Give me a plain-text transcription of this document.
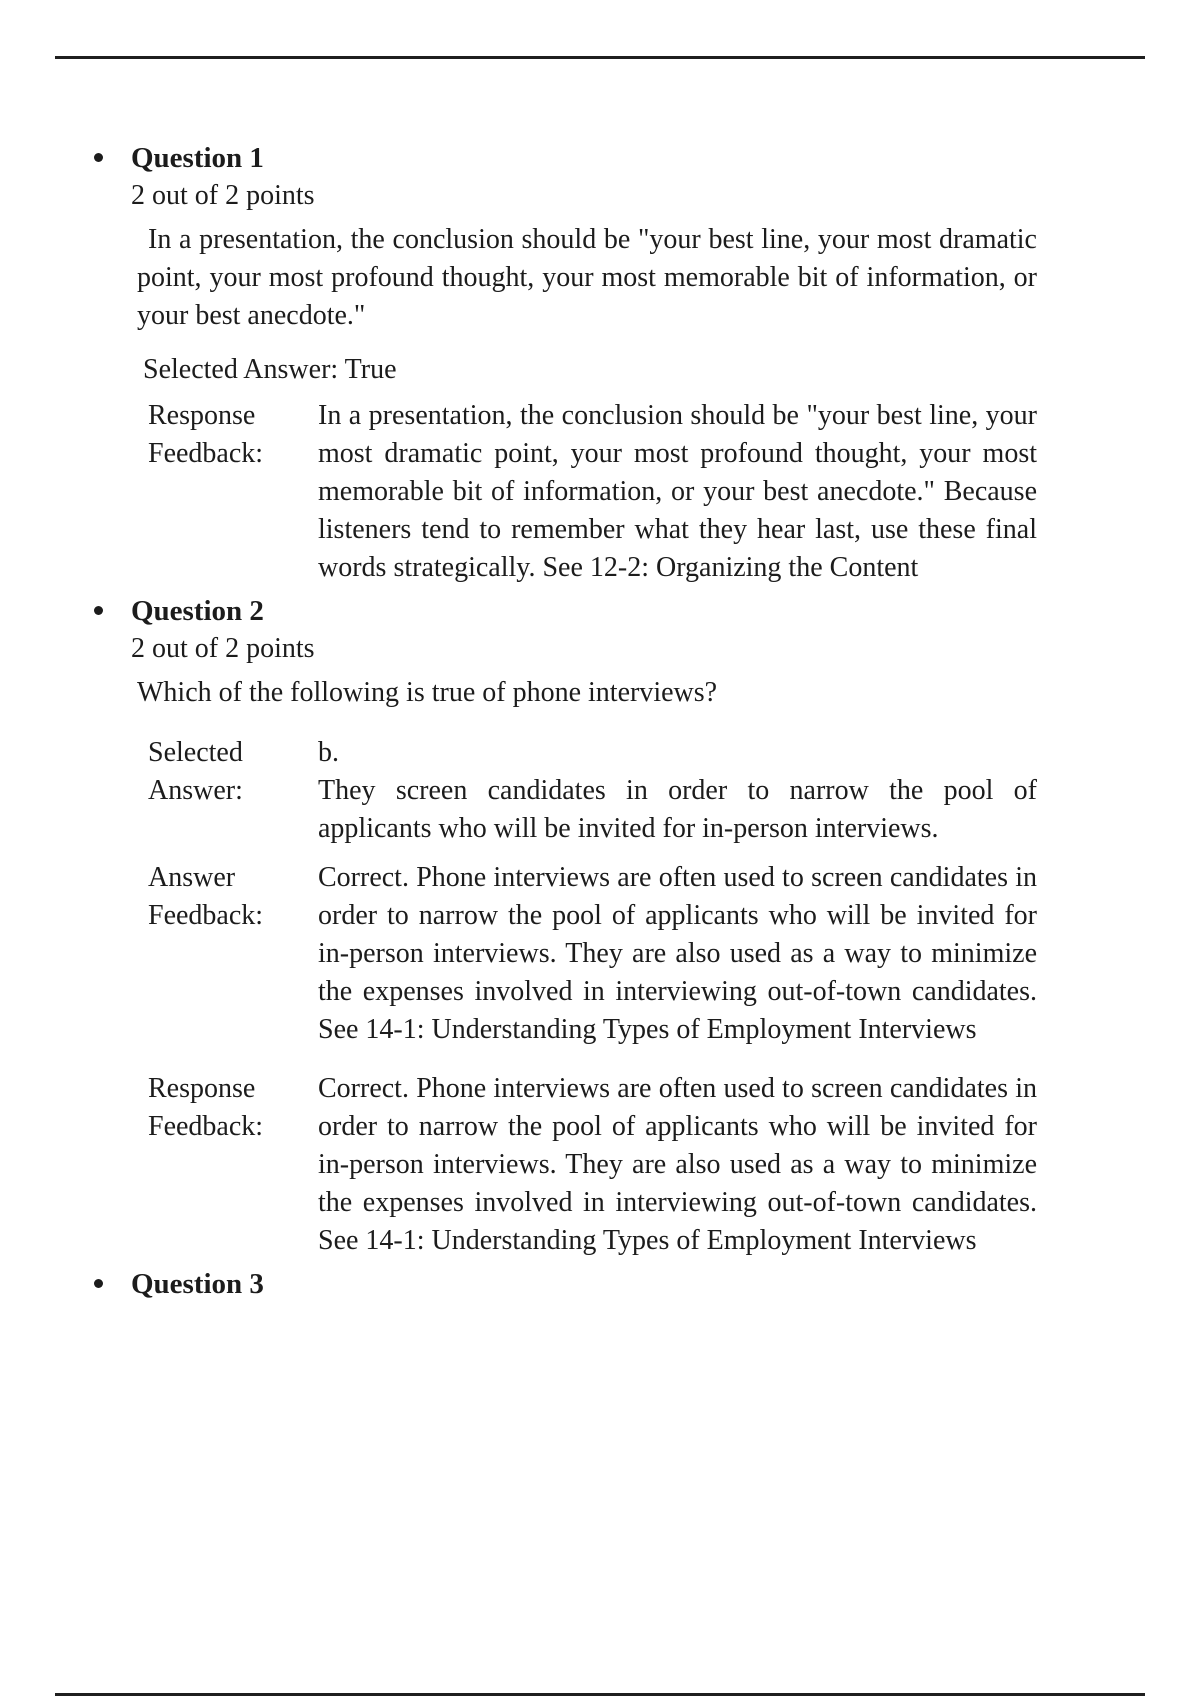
Question 1
2 out of 2 points
In a presentation, the conclusion should be "your best line, your most dramatic point, your most profound thought, your most memorable bit of information, or your best anecdote."
Selected Answer: True
Response Feedback:
In a presentation, the conclusion should be "your best line, your most dramatic point, your most profound thought, your most memorable bit of information, or your best anecdote." Because listeners tend to remember what they hear last, use these final words strategically. See 12-2: Organizing the Content
Question 2
2 out of 2 points
Which of the following is true of phone interviews?
Selected Answer:
b.
They screen candidates in order to narrow the pool of applicants who will be invited for in-person interviews.
Answer Feedback:
Correct. Phone interviews are often used to screen candidates in order to narrow the pool of applicants who will be invited for in-person interviews. They are also used as a way to minimize the expenses involved in interviewing out-of-town candidates. See 14-1: Understanding Types of Employment Interviews
Response Feedback:
Correct. Phone interviews are often used to screen candidates in order to narrow the pool of applicants who will be invited for in-person interviews. They are also used as a way to minimize the expenses involved in interviewing out-of-town candidates. See 14-1: Understanding Types of Employment Interviews
Question 3
